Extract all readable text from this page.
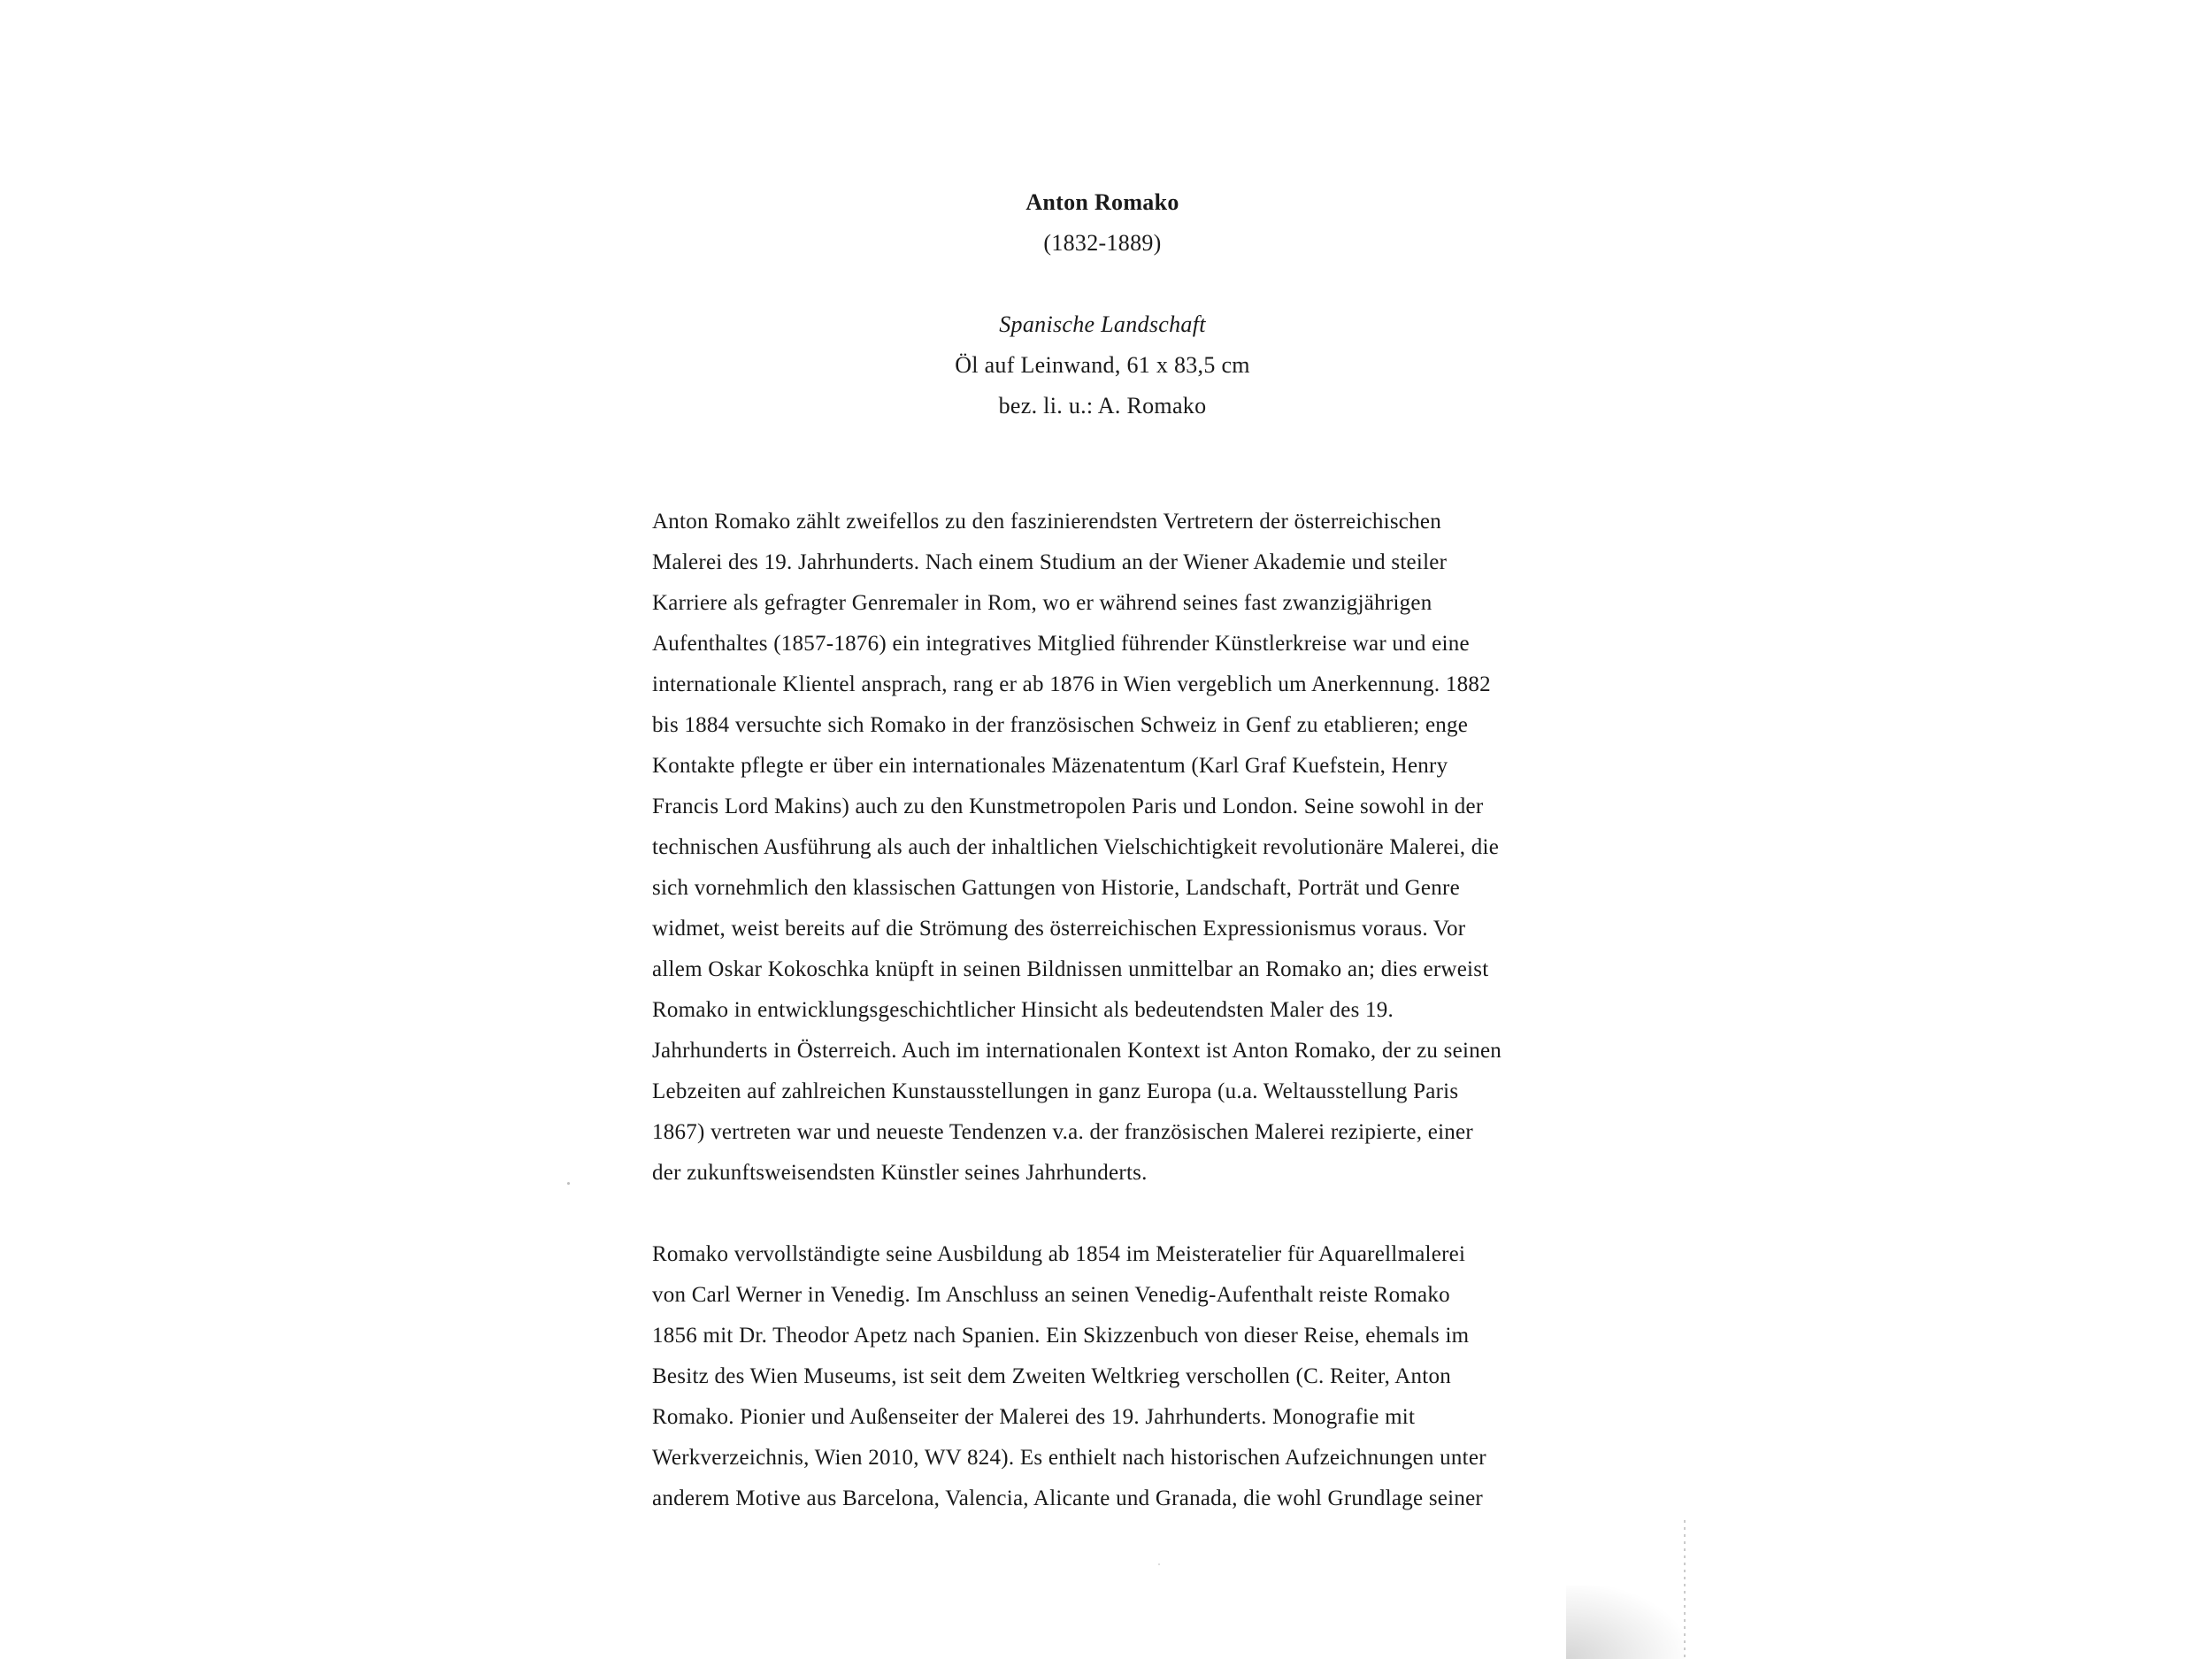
Anton Romako
(1832-1889)
Spanische Landschaft
Öl auf Leinwand, 61 x 83,5 cm
bez. li. u.: A. Romako
Anton Romako zählt zweifellos zu den faszinierendsten Vertretern der österreichischen
Malerei des 19. Jahrhunderts. Nach einem Studium an der Wiener Akademie und steiler
Karriere als gefragter Genremaler in Rom, wo er während seines fast zwanzigjährigen
Aufenthaltes (1857-1876) ein integratives Mitglied führender Künstlerkreise war und eine
internationale Klientel ansprach, rang er ab 1876 in Wien vergeblich um Anerkennung. 1882
bis 1884 versuchte sich Romako in der französischen Schweiz in Genf zu etablieren; enge
Kontakte pflegte er über ein internationales Mäzenatentum (Karl Graf Kuefstein, Henry
Francis Lord Makins) auch zu den Kunstmetropolen Paris und London. Seine sowohl in der
technischen Ausführung als auch der inhaltlichen Vielschichtigkeit revolutionäre Malerei, die
sich vornehmlich den klassischen Gattungen von Historie, Landschaft, Porträt und Genre
widmet, weist bereits auf die Strömung des österreichischen Expressionismus voraus. Vor
allem Oskar Kokoschka knüpft in seinen Bildnissen unmittelbar an Romako an; dies erweist
Romako in entwicklungsgeschichtlicher Hinsicht als bedeutendsten Maler des 19.
Jahrhunderts in Österreich. Auch im internationalen Kontext ist Anton Romako, der zu seinen
Lebzeiten auf zahlreichen Kunstausstellungen in ganz Europa (u.a. Weltausstellung Paris
1867) vertreten war und neueste Tendenzen v.a. der französischen Malerei rezipierte, einer
der zukunftsweisendsten Künstler seines Jahrhunderts.
Romako vervollständigte seine Ausbildung ab 1854 im Meisteratelier für Aquarellmalerei
von Carl Werner in Venedig. Im Anschluss an seinen Venedig-Aufenthalt reiste Romako
1856 mit Dr. Theodor Apetz nach Spanien. Ein Skizzenbuch von dieser Reise, ehemals im
Besitz des Wien Museums, ist seit dem Zweiten Weltkrieg verschollen (C. Reiter, Anton
Romako. Pionier und Außenseiter der Malerei des 19. Jahrhunderts. Monografie mit
Werkverzeichnis, Wien 2010, WV 824). Es enthielt nach historischen Aufzeichnungen unter
anderem Motive aus Barcelona, Valencia, Alicante und Granada, die wohl Grundlage seiner
